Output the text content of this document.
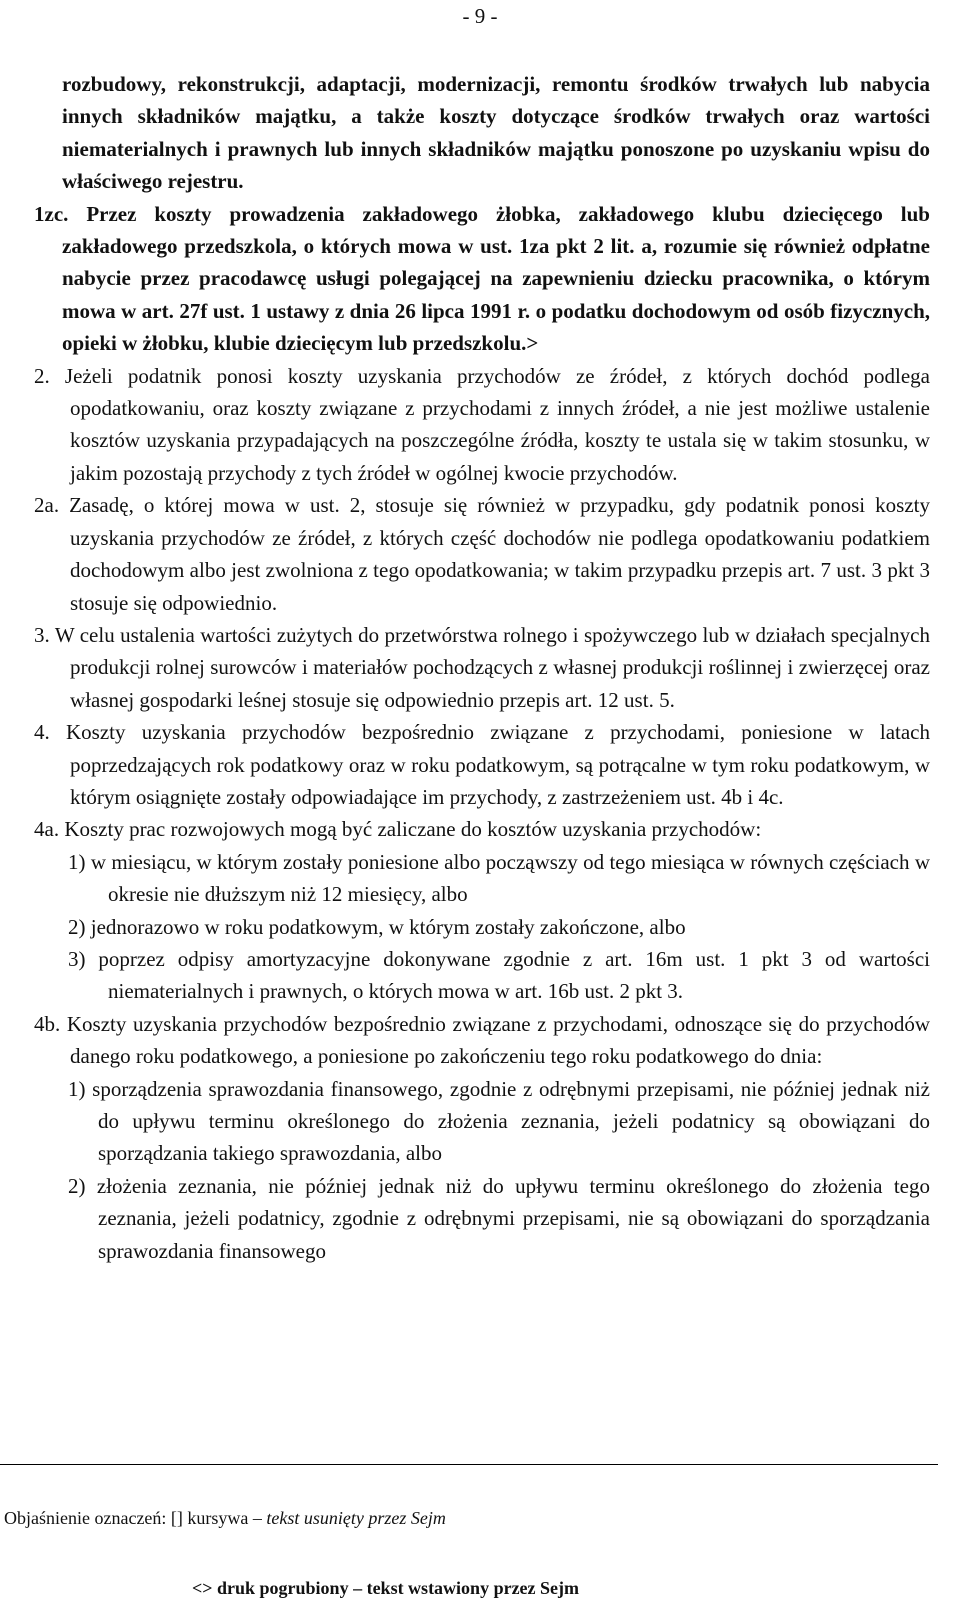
- 9 -

rozbudowy, rekonstrukcji, adaptacji, modernizacji, remontu środków trwałych lub nabycia innych składników majątku, a także koszty dotyczące środków trwałych oraz wartości niematerialnych i prawnych lub innych składników majątku ponoszone po uzyskaniu wpisu do właściwego rejestru.

1zc. Przez koszty prowadzenia zakładowego żłobka, zakładowego klubu dziecięcego lub zakładowego przedszkola, o których mowa w ust. 1za pkt 2 lit. a, rozumie się również odpłatne nabycie przez pracodawcę usługi polegającej na zapewnieniu dziecku pracownika, o którym mowa w art. 27f ust. 1 ustawy z dnia 26 lipca 1991 r. o podatku dochodowym od osób fizycznych, opieki w żłobku, klubie dziecięcym lub przedszkolu.>

2. Jeżeli podatnik ponosi koszty uzyskania przychodów ze źródeł, z których dochód podlega opodatkowaniu, oraz koszty związane z przychodami z innych źródeł, a nie jest możliwe ustalenie kosztów uzyskania przypadających na poszczególne źródła, koszty te ustala się w takim stosunku, w jakim pozostają przychody z tych źródeł w ogólnej kwocie przychodów.

2a. Zasadę, o której mowa w ust. 2, stosuje się również w przypadku, gdy podatnik ponosi koszty uzyskania przychodów ze źródeł, z których część dochodów nie podlega opodatkowaniu podatkiem dochodowym albo jest zwolniona z tego opodatkowania; w takim przypadku przepis art. 7 ust. 3 pkt 3 stosuje się odpowiednio.

3. W celu ustalenia wartości zużytych do przetwórstwa rolnego i spożywczego lub w działach specjalnych produkcji rolnej surowców i materiałów pochodzących z własnej produkcji roślinnej i zwierzęcej oraz własnej gospodarki leśnej stosuje się odpowiednio przepis art. 12 ust. 5.

4. Koszty uzyskania przychodów bezpośrednio związane z przychodami, poniesione w latach poprzedzających rok podatkowy oraz w roku podatkowym, są potrącalne w tym roku podatkowym, w którym osiągnięte zostały odpowiadające im przychody, z zastrzeżeniem ust. 4b i 4c.

4a. Koszty prac rozwojowych mogą być zaliczane do kosztów uzyskania przychodów:

1) w miesiącu, w którym zostały poniesione albo począwszy od tego miesiąca w równych częściach w okresie nie dłuższym niż 12 miesięcy, albo

2) jednorazowo w roku podatkowym, w którym zostały zakończone, albo

3) poprzez odpisy amortyzacyjne dokonywane zgodnie z art. 16m ust. 1 pkt 3 od wartości niematerialnych i prawnych, o których mowa w art. 16b ust. 2 pkt 3.

4b. Koszty uzyskania przychodów bezpośrednio związane z przychodami, odnoszące się do przychodów danego roku podatkowego, a poniesione po zakończeniu tego roku podatkowego do dnia:

1) sporządzenia sprawozdania finansowego, zgodnie z odrębnymi przepisami, nie później jednak niż do upływu terminu określonego do złożenia zeznania, jeżeli podatnicy są obowiązani do sporządzania takiego sprawozdania, albo

2) złożenia zeznania, nie później jednak niż do upływu terminu określonego do złożenia tego zeznania, jeżeli podatnicy, zgodnie z odrębnymi przepisami, nie są obowiązani do sporządzania sprawozdania finansowego

Objaśnienie oznaczeń: [] kursywa – tekst usunięty przez Sejm
<> druk pogrubiony – tekst wstawiony przez Sejm
